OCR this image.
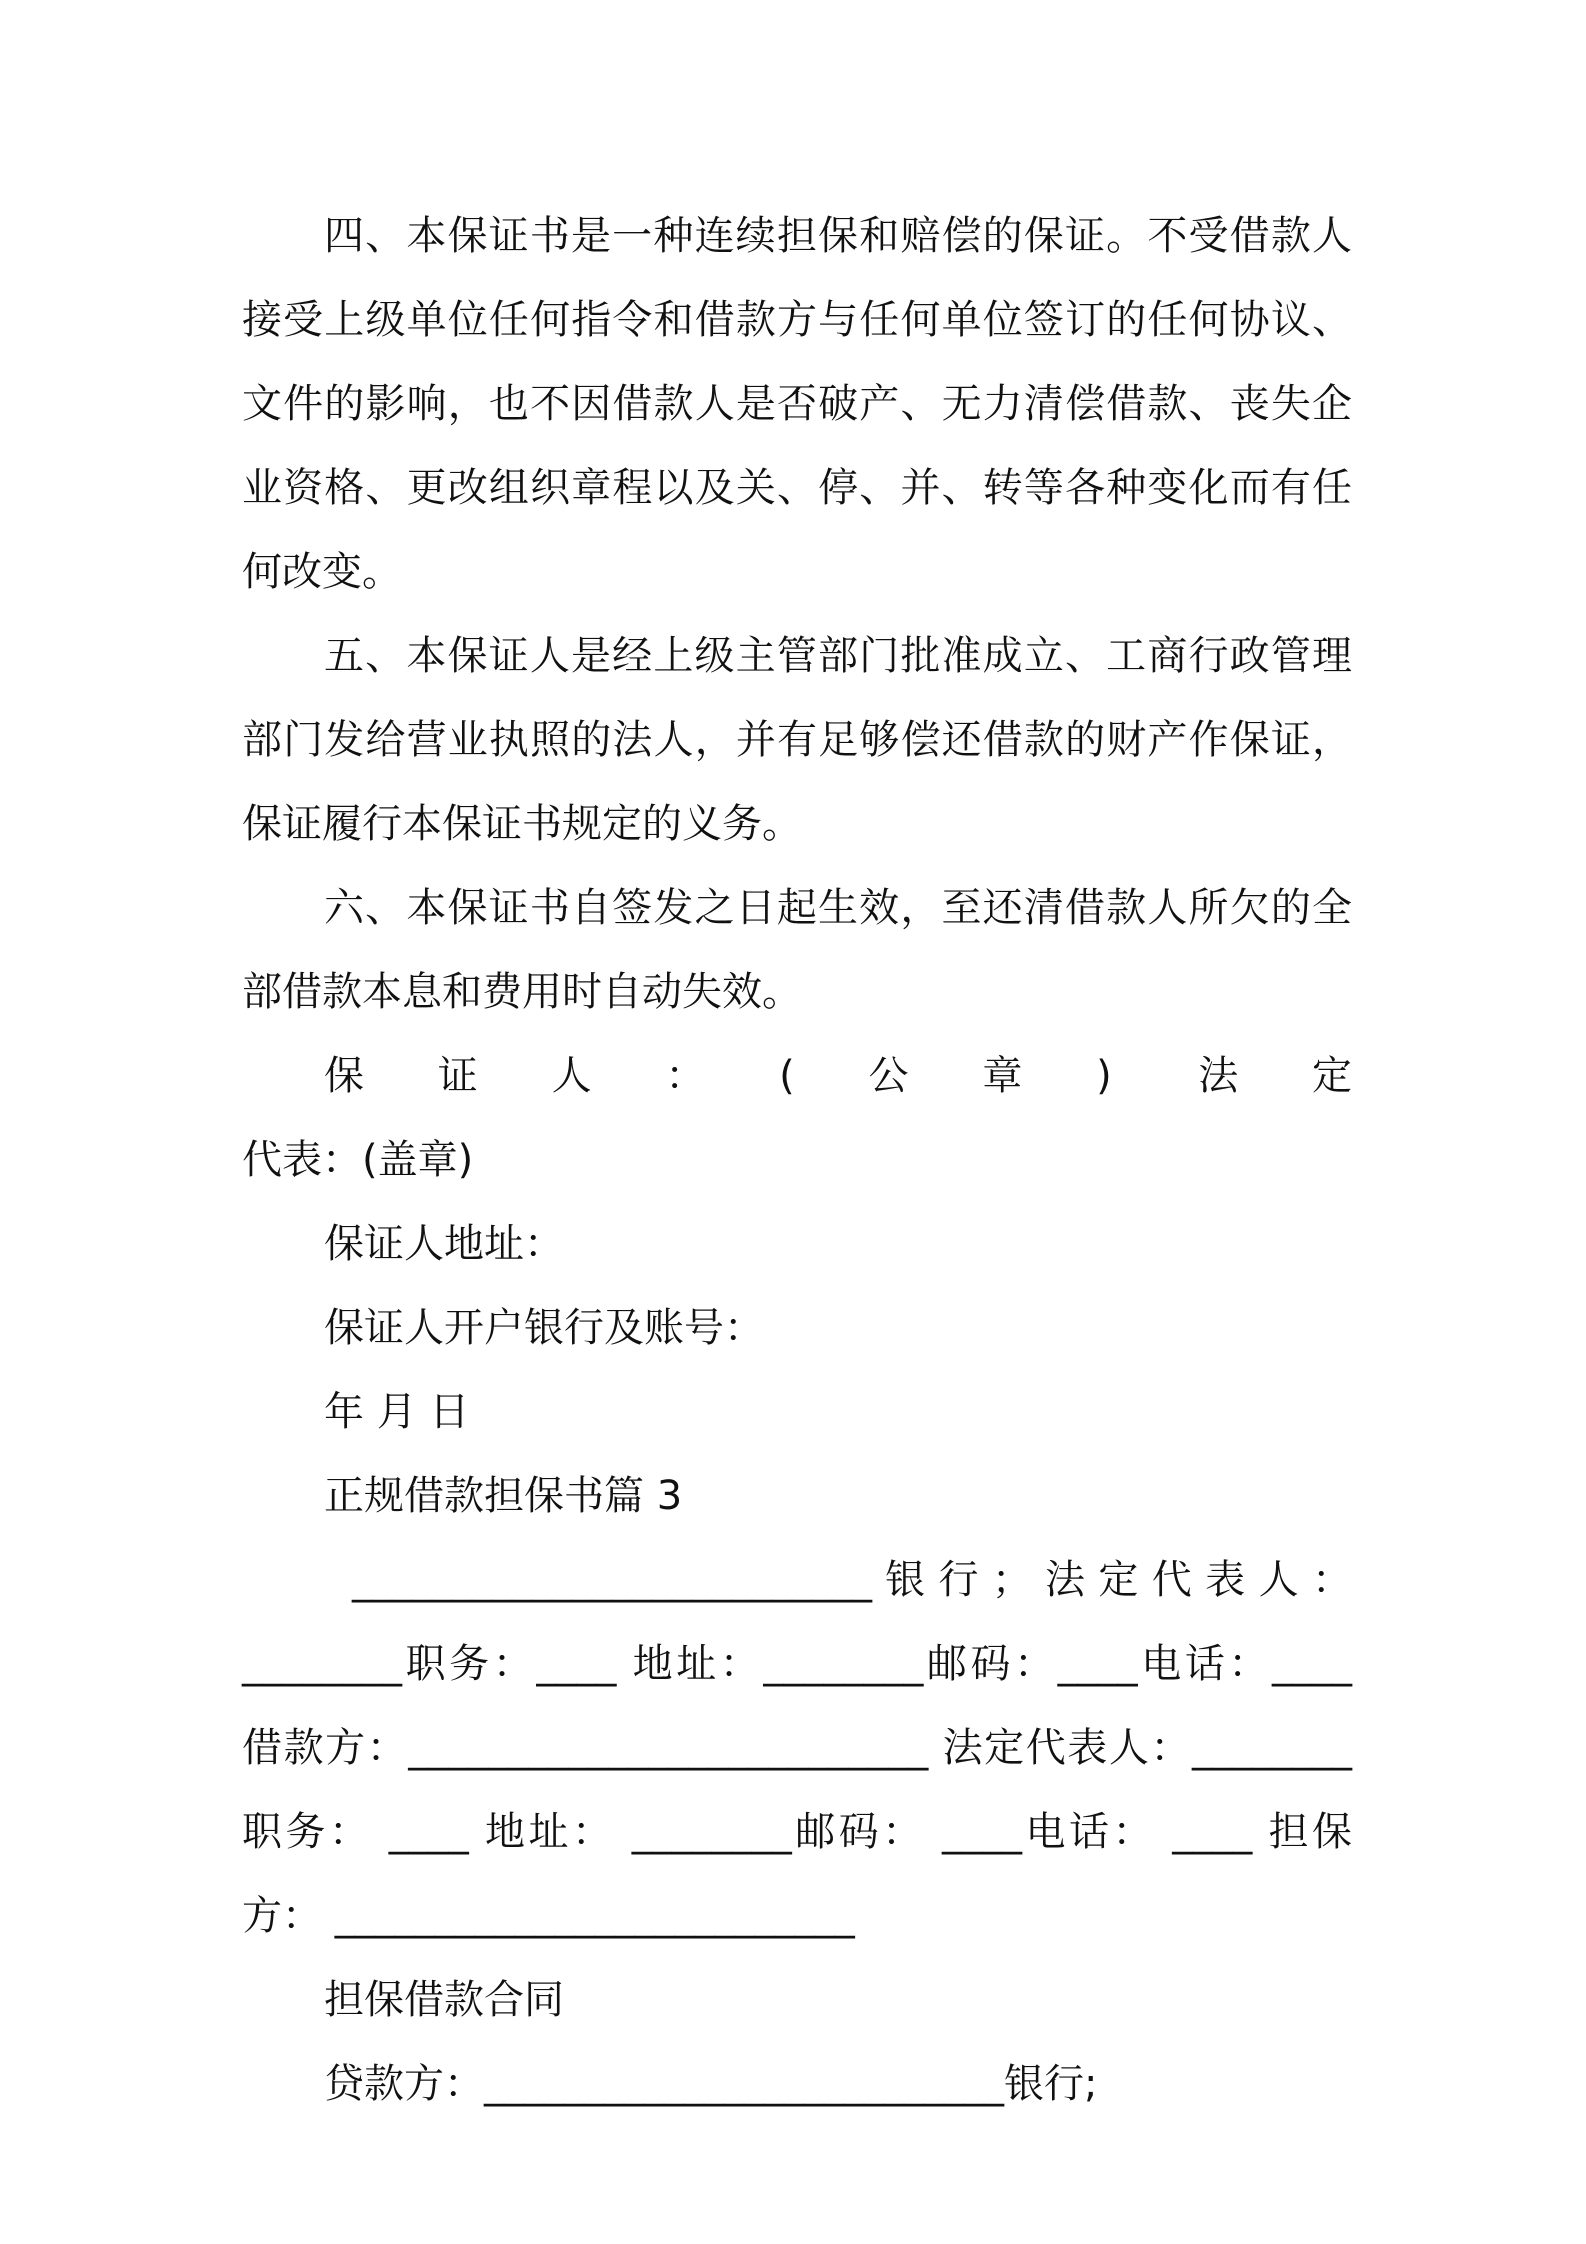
四、本保证书是一种连续担保和赔偿的保证。不受借款人接受上级单位任何指令和借款方与任何单位签订的任何协议、文件的影响，也不因借款人是否破产、无力清偿借款、丧失企业资格、更改组织章程以及关、停、并、转等各种变化而有任何改变。

五、本保证人是经上级主管部门批准成立、工商行政管理部门发给营业执照的法人，并有足够偿还借款的财产作保证，保证履行本保证书规定的义务。

六、本保证书自签发之日起生效，至还清借款人所欠的全部借款本息和费用时自动失效。

保证人：(公章) 法定
代表：(盖章)
保证人地址：
保证人开户银行及账号：
年 月 日
正规借款担保书篇 3
__________________________ 银 行 ； 法 定 代 表 人 ：
________职务：____ 地址：________邮码：____电话：____
借款方：__________________________ 法定代表人：________
职务： ____ 地址： ________邮码： ____电话： ____ 担保
方： __________________________
担保借款合同
贷款方：__________________________银行;
